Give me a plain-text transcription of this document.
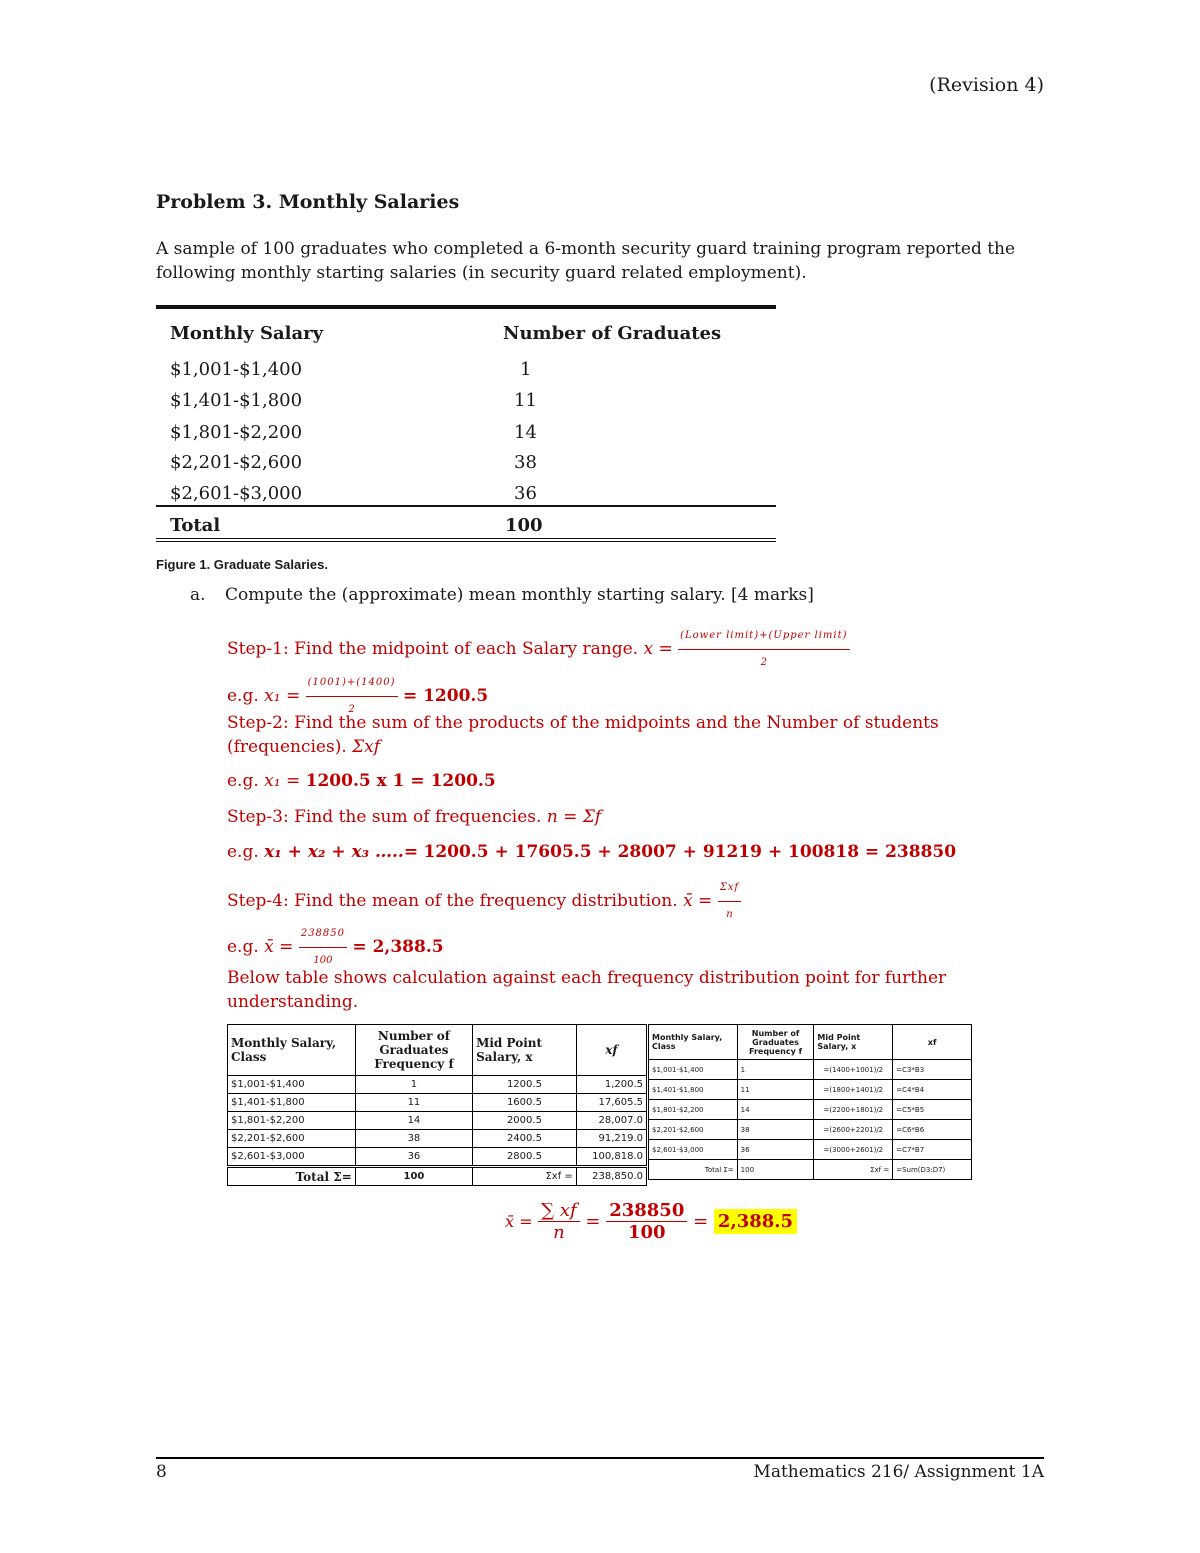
(Revision 4)
Problem 3. Monthly Salaries
A sample of 100 graduates who completed a 6-month security guard training program reported the following monthly starting salaries (in security guard related employment).
Monthly Salary	Number of Graduates
$1,001-$1,400	1
$1,401-$1,800	11
$1,801-$2,200	14
$2,201-$2,600	38
$2,601-$3,000	36
Total	100
Figure 1. Graduate Salaries.
a. Compute the (approximate) mean monthly starting salary. [4 marks]
Step-1: Find the midpoint of each Salary range. $x = \frac{\text{(Lower limit)+(Upper limit)}}{2}$
e.g. $x_1 = \frac{(1001)+(1400)}{2} = 1200.5$
Step-2: Find the sum of the products of the midpoints and the Number of students (frequencies). Σxf
e.g. x₁ = 1200.5 x 1 = 1200.5
Step-3: Find the sum of frequencies. n = Σf
e.g. x₁ + x₂ + x₃ …..= 1200.5 + 17605.5 + 28007 + 91219 + 100818 = 238850
Step-4: Find the mean of the frequency distribution. x̄ = $\frac{\text{Σxf}}{n}$
e.g. x̄ = $\frac{238850}{100} = 2,388.5$
Below table shows calculation against each frequency distribution point for further understanding.
Monthly Salary, Class	Number of Graduates Frequency f	Mid Point Salary, x	xf
$1,001-$1,400	1	1200.5	1,200.5
$1,401-$1,800	11	1600.5	17,605.5
$1,801-$2,200	14	2000.5	28,007.0
$2,201-$2,600	38	2400.5	91,219.0
$2,601-$3,000	36	2800.5	100,818.0
Total Σ=	100	Σxf =	238,850.0
Monthly Salary, Class	Number of Graduates Frequency f	Mid Point Salary, x	xf
$1,001-$1,400	1	=(1400+1001)/2	=C3*B3
$1,401-$1,800	11	=(1800+1401)/2	=C4*B4
$1,801-$2,200	14	=(2200+1801)/2	=C5*B5
$2,201-$2,600	38	=(2600+2201)/2	=C6*B6
$2,601-$3,000	36	=(3000+2601)/2	=C7*B7
Total Σ=	100	Σxf =	=Sum(D3:D7)
x̄ = $\frac{\sum xf}{n} = \frac{238850}{100} = 2,388.5$
8	Mathematics 216/ Assignment 1A
